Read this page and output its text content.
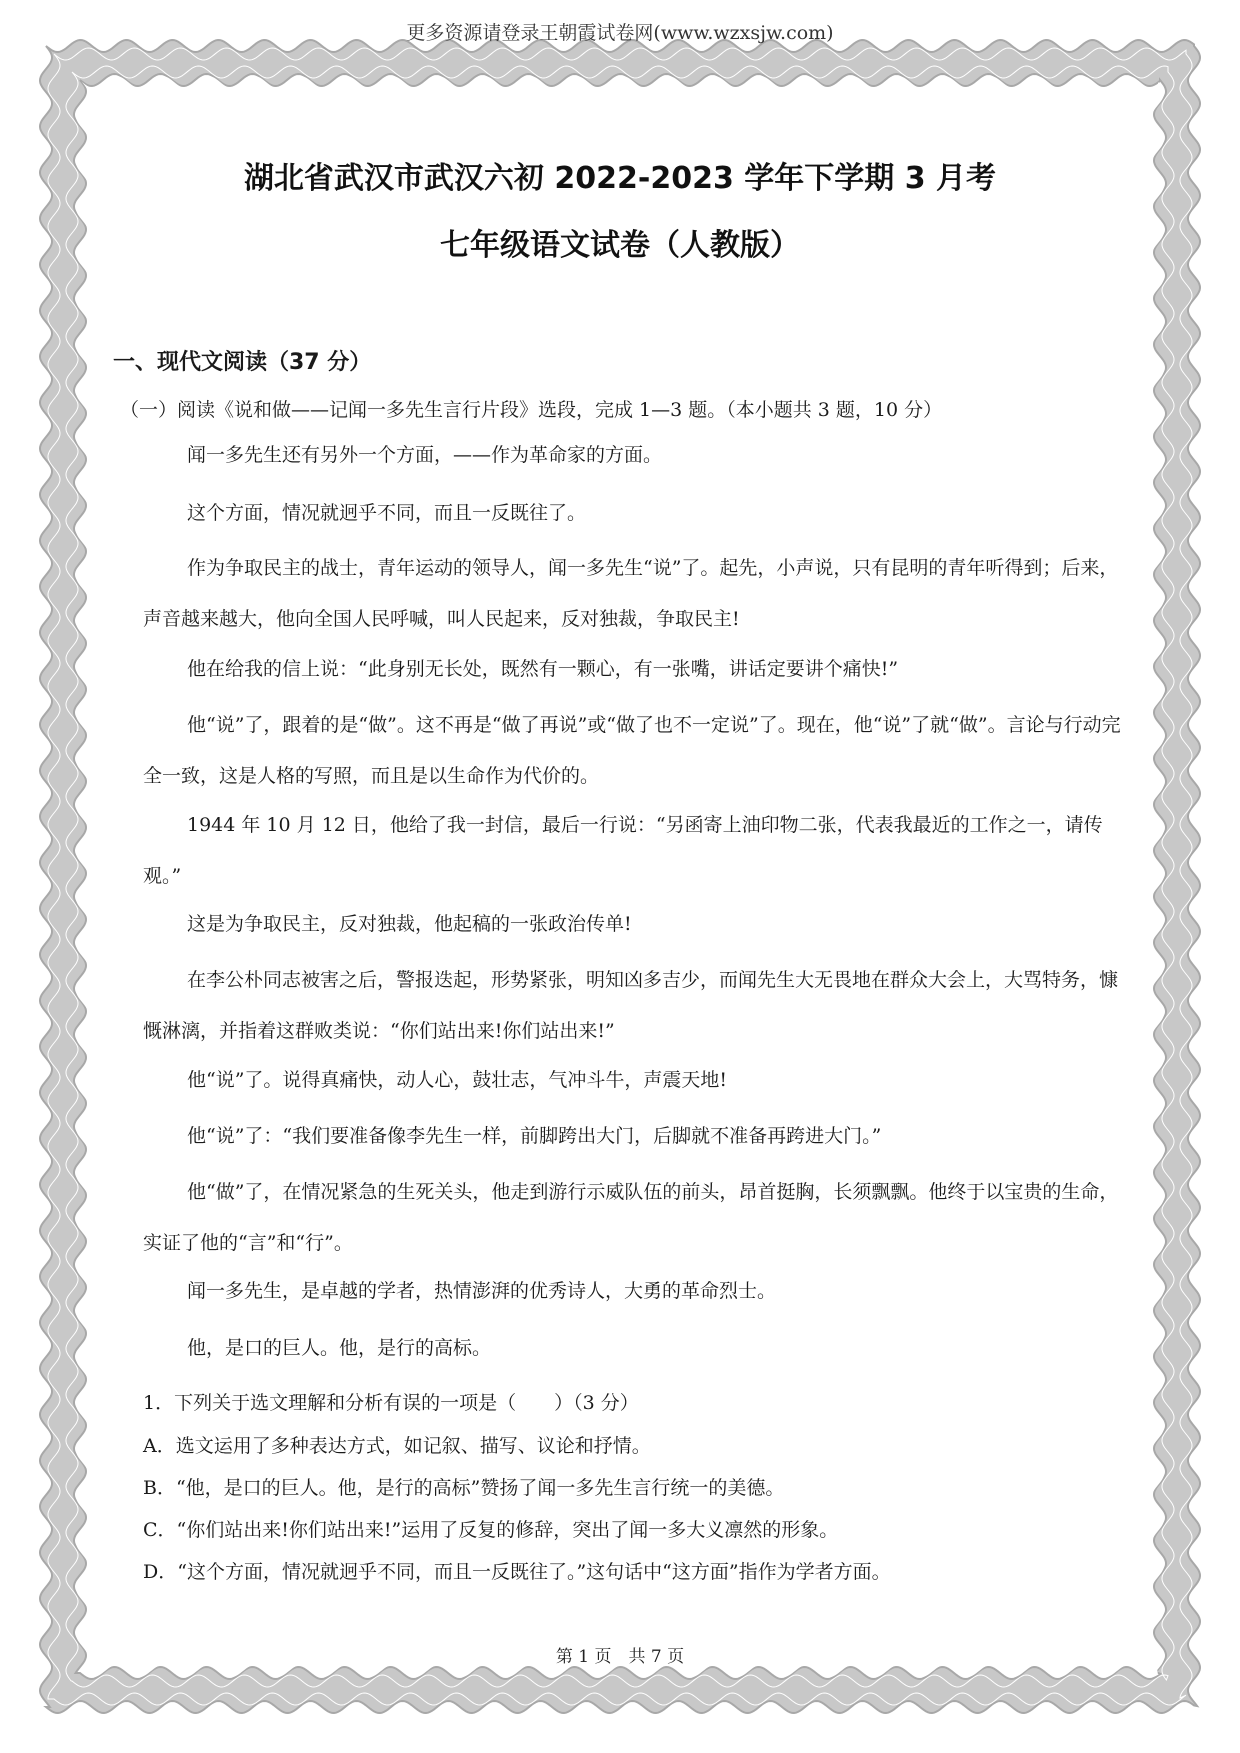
更多资源请登录王朝霞试卷网(www.wzxsjw.com)
湖北省武汉市武汉六初 2022-2023 学年下学期 3 月考
七年级语文试卷（人教版）
一、现代文阅读（37 分）
（一）阅读《说和做——记闻一多先生言行片段》选段，完成 1—3 题。（本小题共 3 题，10 分）

闻一多先生还有另外一个方面，——作为革命家的方面。

这个方面，情况就迥乎不同，而且一反既往了。

作为争取民主的战士，青年运动的领导人，闻一多先生“说”了。起先，小声说，只有昆明的青年听得到；后来，声音越来越大，他向全国人民呼喊，叫人民起来，反对独裁，争取民主!

他在给我的信上说：“此身别无长处，既然有一颗心，有一张嘴，讲话定要讲个痛快!”

他“说”了，跟着的是“做”。这不再是“做了再说”或“做了也不一定说”了。现在，他“说”了就“做”。言论与行动完全一致，这是人格的写照，而且是以生命作为代价的。

1944 年 10 月 12 日，他给了我一封信，最后一行说：“另函寄上油印物二张，代表我最近的工作之一，请传观。”

这是为争取民主，反对独裁，他起稿的一张政治传单!

在李公朴同志被害之后，警报迭起，形势紧张，明知凶多吉少，而闻先生大无畏地在群众大会上，大骂特务，慷慨淋漓，并指着这群败类说：“你们站出来!你们站出来!”

他“说”了。说得真痛快，动人心，鼓壮志，气冲斗牛，声震天地!

他“说”了：“我们要准备像李先生一样，前脚跨出大门，后脚就不准备再跨进大门。”

他“做”了，在情况紧急的生死关头，他走到游行示威队伍的前头，昂首挺胸，长须飘飘。他终于以宝贵的生命，实证了他的“言”和“行”。

闻一多先生，是卓越的学者，热情澎湃的优秀诗人，大勇的革命烈士。

他，是口的巨人。他，是行的高标。

1．下列关于选文理解和分析有误的一项是（　　）（3 分）
A．选文运用了多种表达方式，如记叙、描写、议论和抒情。
B．“他，是口的巨人。他，是行的高标”赞扬了闻一多先生言行统一的美德。
C．“你们站出来!你们站出来!”运用了反复的修辞，突出了闻一多大义凛然的形象。
D．“这个方面，情况就迥乎不同，而且一反既往了。”这句话中“这方面”指作为学者方面。
第 1 页　共 7 页
